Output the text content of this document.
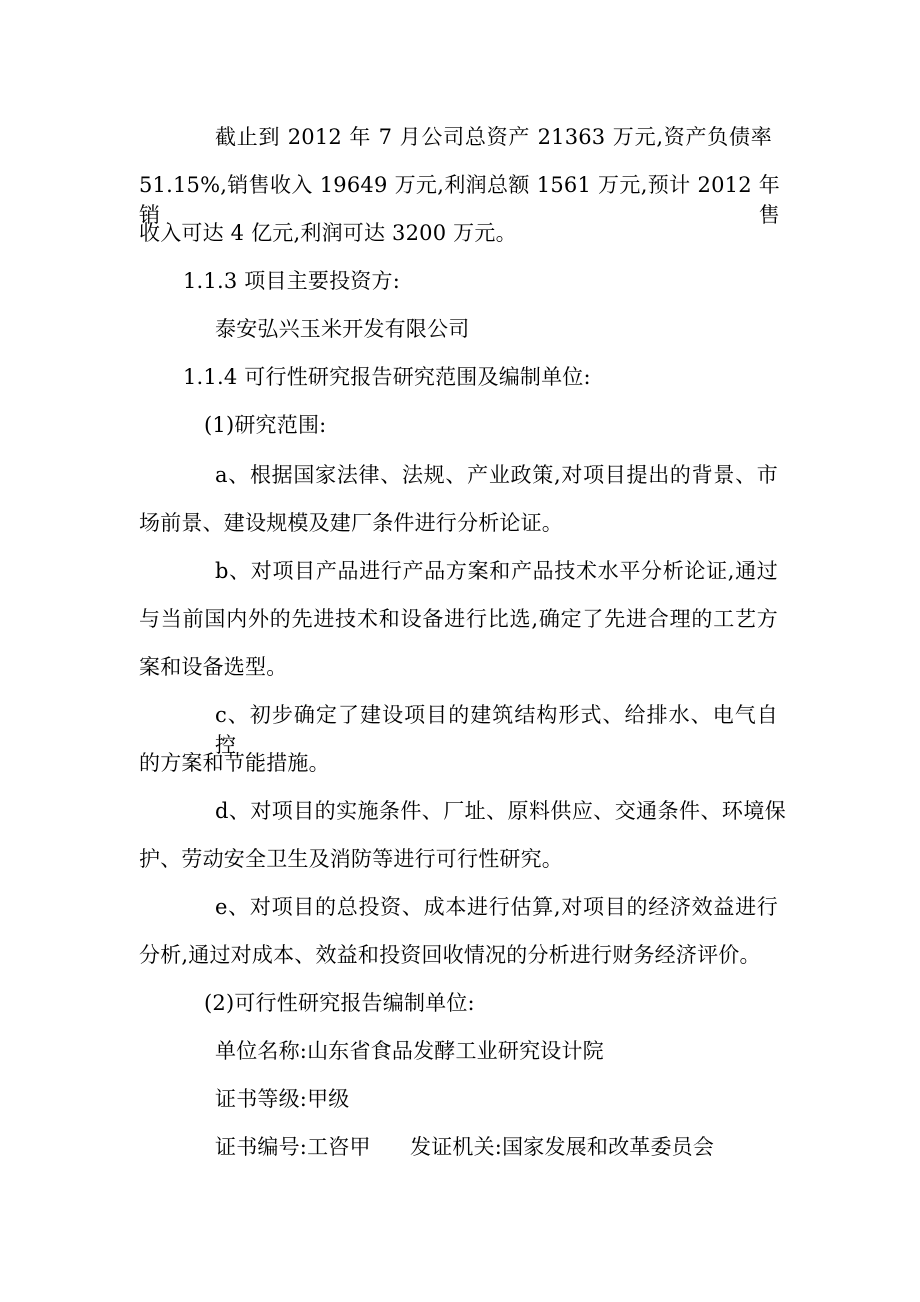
截止到 2012 年 7 月公司总资产 21363 万元,资产负债率
51.15%,销售收入 19649 万元,利润总额 1561 万元,预计 2012 年销售
收入可达 4 亿元,利润可达 3200 万元。
1.1.3 项目主要投资方:
泰安弘兴玉米开发有限公司
1.1.4 可行性研究报告研究范围及编制单位:
(1)研究范围:
a、根据国家法律、法规、产业政策,对项目提出的背景、市
场前景、建设规模及建厂条件进行分析论证。
b、对项目产品进行产品方案和产品技术水平分析论证,通过
与当前国内外的先进技术和设备进行比选,确定了先进合理的工艺方
案和设备选型。
c、初步确定了建设项目的建筑结构形式、给排水、电气自控
的方案和节能措施。
d、对项目的实施条件、厂址、原料供应、交通条件、环境保
护、劳动安全卫生及消防等进行可行性研究。
e、对项目的总投资、成本进行估算,对项目的经济效益进行
分析,通过对成本、效益和投资回收情况的分析进行财务经济评价。
(2)可行性研究报告编制单位:
单位名称:山东省食品发酵工业研究设计院
证书等级:甲级
证书编号:工咨甲 发证机关:国家发展和改革委员会
